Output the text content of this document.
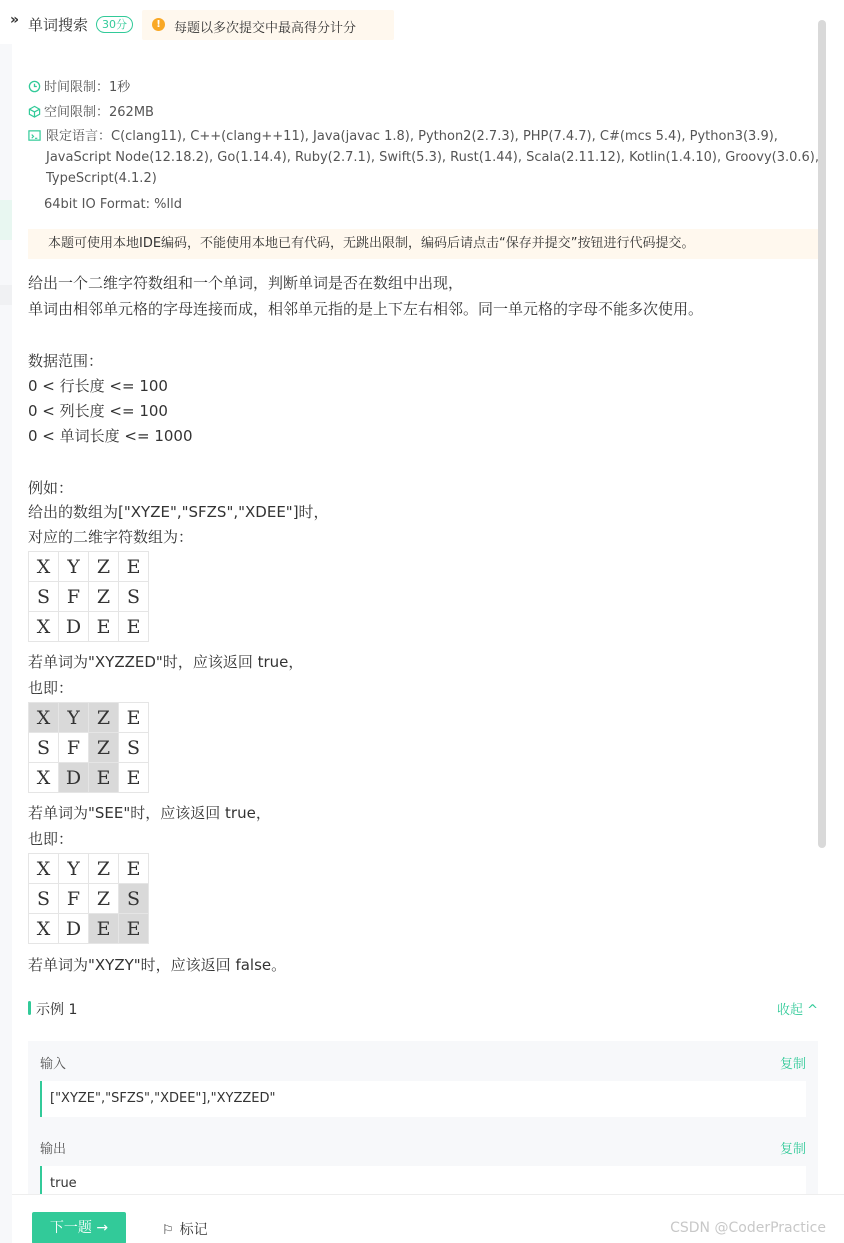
» 单词搜索	30分	!	每题以多次提交中最高得分计分
时间限制：1秒
空间限制：262MB
限定语言：C(clang11), C++(clang++11), Java(javac 1.8), Python2(2.7.3), PHP(7.4.7), C#(mcs 5.4), Python3(3.9), JavaScript Node(12.18.2), Go(1.14.4), Ruby(2.7.1), Swift(5.3), Rust(1.44), Scala(2.11.12), Kotlin(1.4.10), Groovy(3.0.6), TypeScript(4.1.2)
64bit IO Format: %lld
本题可使用本地IDE编码，不能使用本地已有代码，无跳出限制，编码后请点击“保存并提交”按钮进行代码提交。
给出一个二维字符数组和一个单词，判断单词是否在数组中出现，
单词由相邻单元格的字母连接而成，相邻单元指的是上下左右相邻。同一单元格的字母不能多次使用。
数据范围：
0 < 行长度 <= 100
0 < 列长度 <= 100
0 < 单词长度 <= 1000
例如：
给出的数组为["XYZE","SFZS","XDEE"]时，
对应的二维字符数组为：
X	Y	Z	E
S	F	Z	S
X	D	E	E
若单词为"XYZZED"时，应该返回 true，
也即：
X	Y	Z	E
S	F	Z	S
X	D	E	E
若单词为"SEE"时，应该返回 true，
也即：
X	Y	Z	E
S	F	Z	S
X	D	E	E
若单词为"XYZY"时，应该返回 false。
示例 1	收起 ^
输入	复制
["XYZE","SFZS","XDEE"],"XYZZED"
输出	复制
true
下一题 →	⚐ 标记	CSDN @CoderPractice
